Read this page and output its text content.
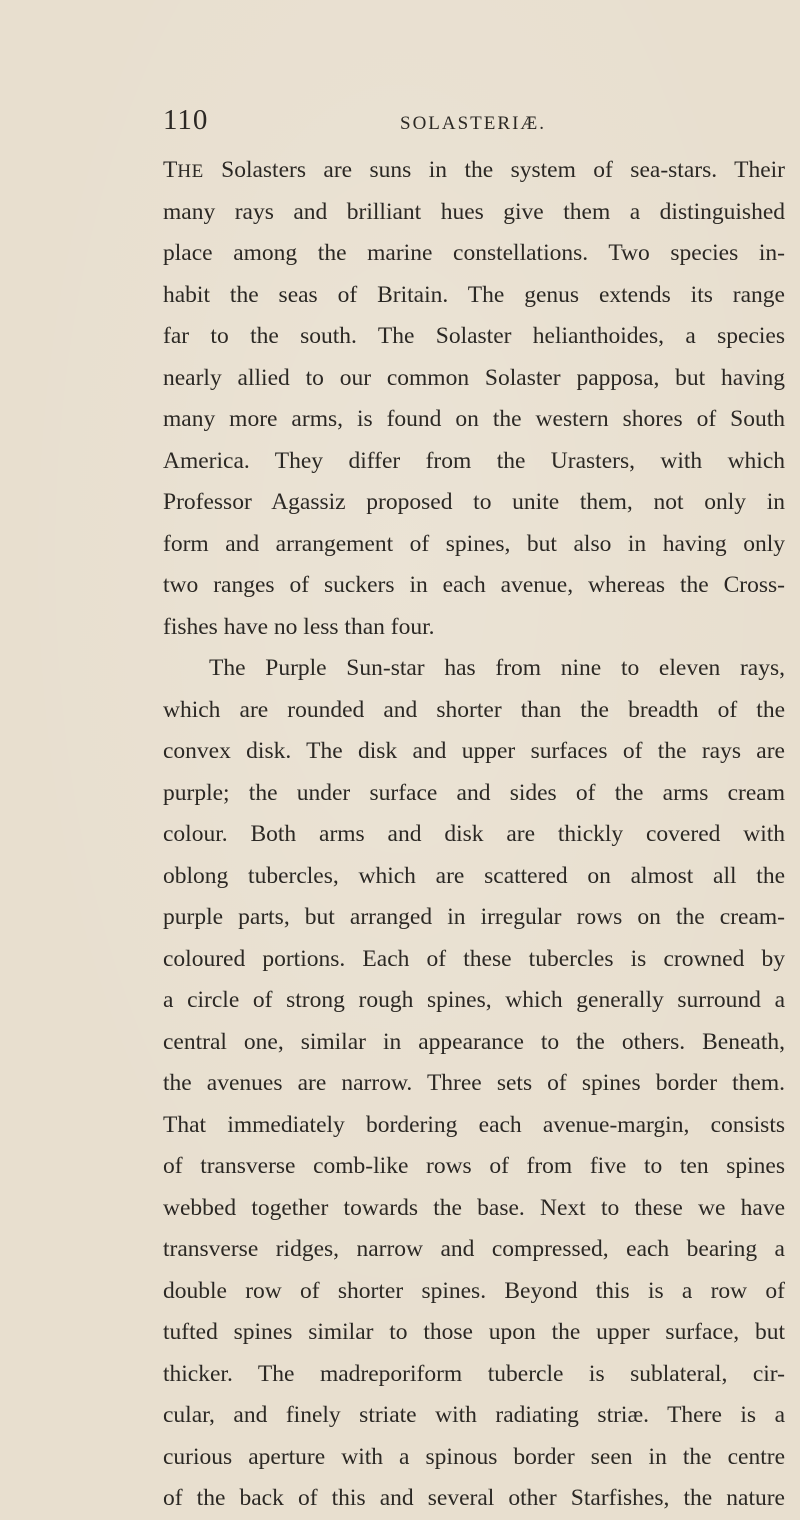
110	SOLASTERIÆ.
THE Solasters are suns in the system of sea-stars. Their
many rays and brilliant hues give them a distinguished
place among the marine constellations. Two species in-
habit the seas of Britain. The genus extends its range
far to the south. The Solaster helianthoides, a species
nearly allied to our common Solaster papposa, but having
many more arms, is found on the western shores of South
America. They differ from the Urasters, with which
Professor Agassiz proposed to unite them, not only in
form and arrangement of spines, but also in having only
two ranges of suckers in each avenue, whereas the Cross-
fishes have no less than four.
The Purple Sun-star has from nine to eleven rays,
which are rounded and shorter than the breadth of the
convex disk. The disk and upper surfaces of the rays are
purple; the under surface and sides of the arms cream
colour. Both arms and disk are thickly covered with
oblong tubercles, which are scattered on almost all the
purple parts, but arranged in irregular rows on the cream-
coloured portions. Each of these tubercles is crowned by
a circle of strong rough spines, which generally surround a
central one, similar in appearance to the others. Beneath,
the avenues are narrow. Three sets of spines border them.
That immediately bordering each avenue-margin, consists
of transverse comb-like rows of from five to ten spines
webbed together towards the base. Next to these we have
transverse ridges, narrow and compressed, each bearing a
double row of shorter spines. Beyond this is a row of
tufted spines similar to those upon the upper surface, but
thicker. The madreporiform tubercle is sublateral, cir-
cular, and finely striate with radiating striæ. There is a
curious aperture with a spinous border seen in the centre
of the back of this and several other Starfishes, the nature
